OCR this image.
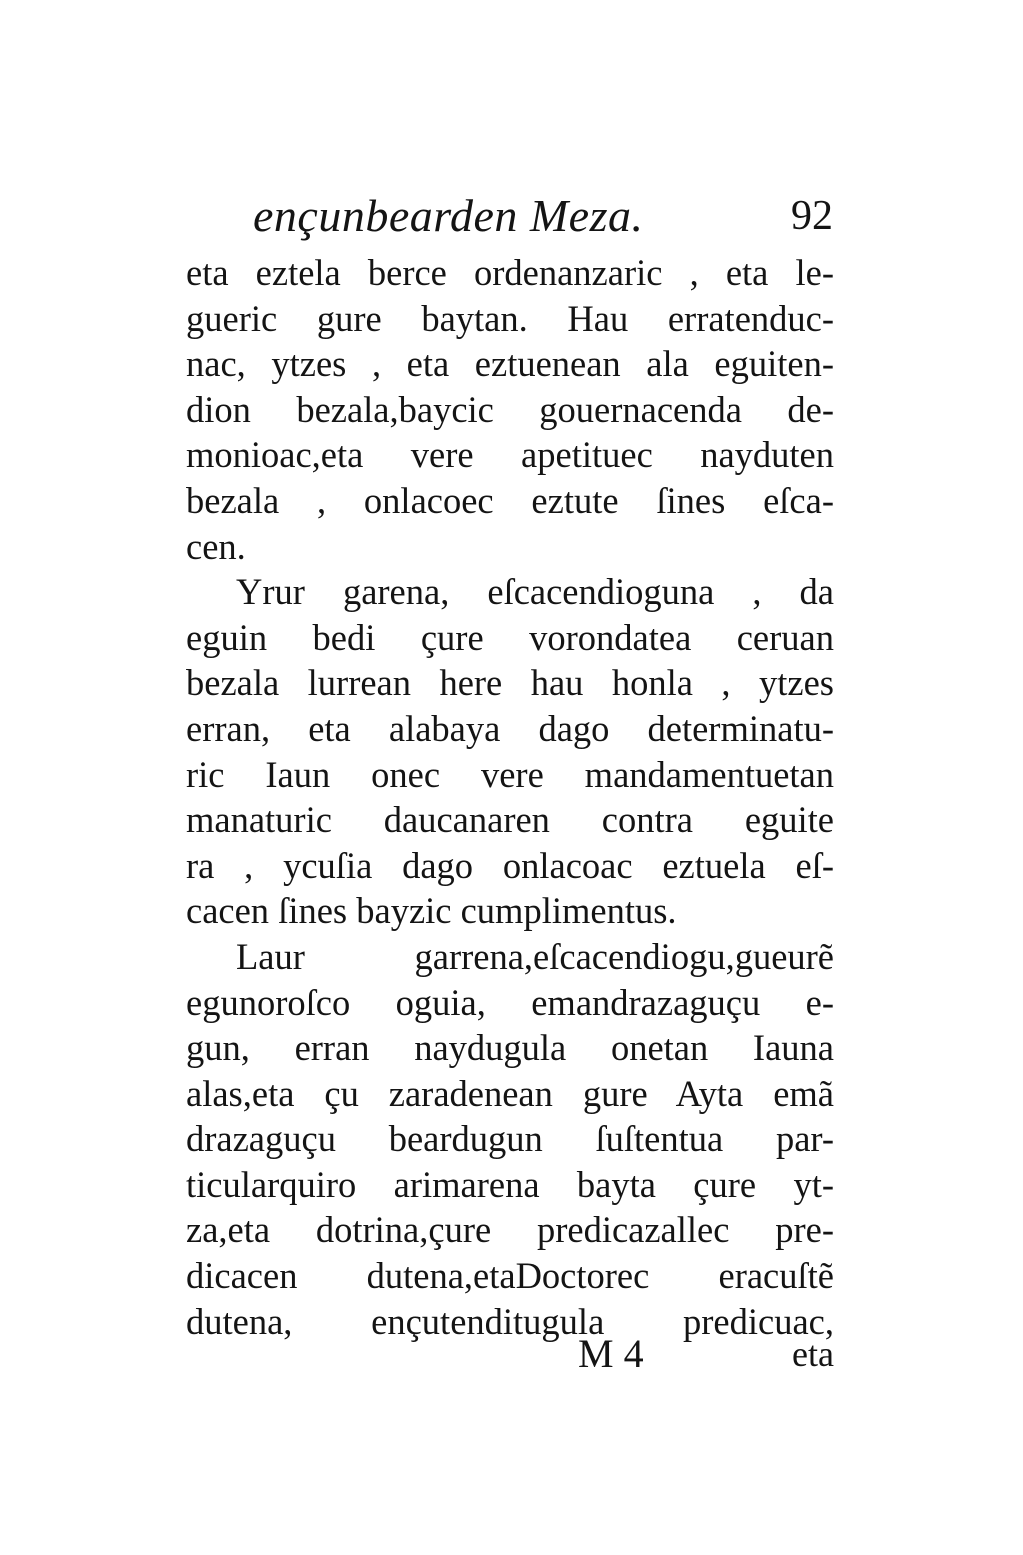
ençunbearden Meza.	92
eta eztela berce ordenanzaric , eta le-
gueric gure baytan. Hau erratenduc-
nac, ytzes , eta eztuenean ala eguiten-
dion bezala,baycic gouernacenda de-
monioac,eta vere apetituec nayduten
bezala , onlacoec eztute ſines eſca-
cen.
Yrur garena, eſcacendioguna , da
eguin bedi çure vorondatea ceruan
bezala lurrean here hau honla , ytzes
erran, eta alabaya dago determinatu-
ric Iaun onec vere mandamentuetan
manaturic daucanaren contra eguite
ra , ycuſia dago onlacoac eztuela eſ-
cacen ſines bayzic cumplimentus.
Laur garrena,eſcacendiogu,gueurẽ
egunoroſco oguia, emandrazaguçu e-
gun, erran naydugula onetan Iauna
alas,eta çu zaradenean gure Ayta emã
drazaguçu beardugun ſuſtentua par-
ticularquiro arimarena bayta çure yt-
za,eta dotrina,çure predicazallec pre-
dicacen dutena,etaDoctorec eracuſtẽ
dutena, ençutenditugula predicuac,
M 4	eta
